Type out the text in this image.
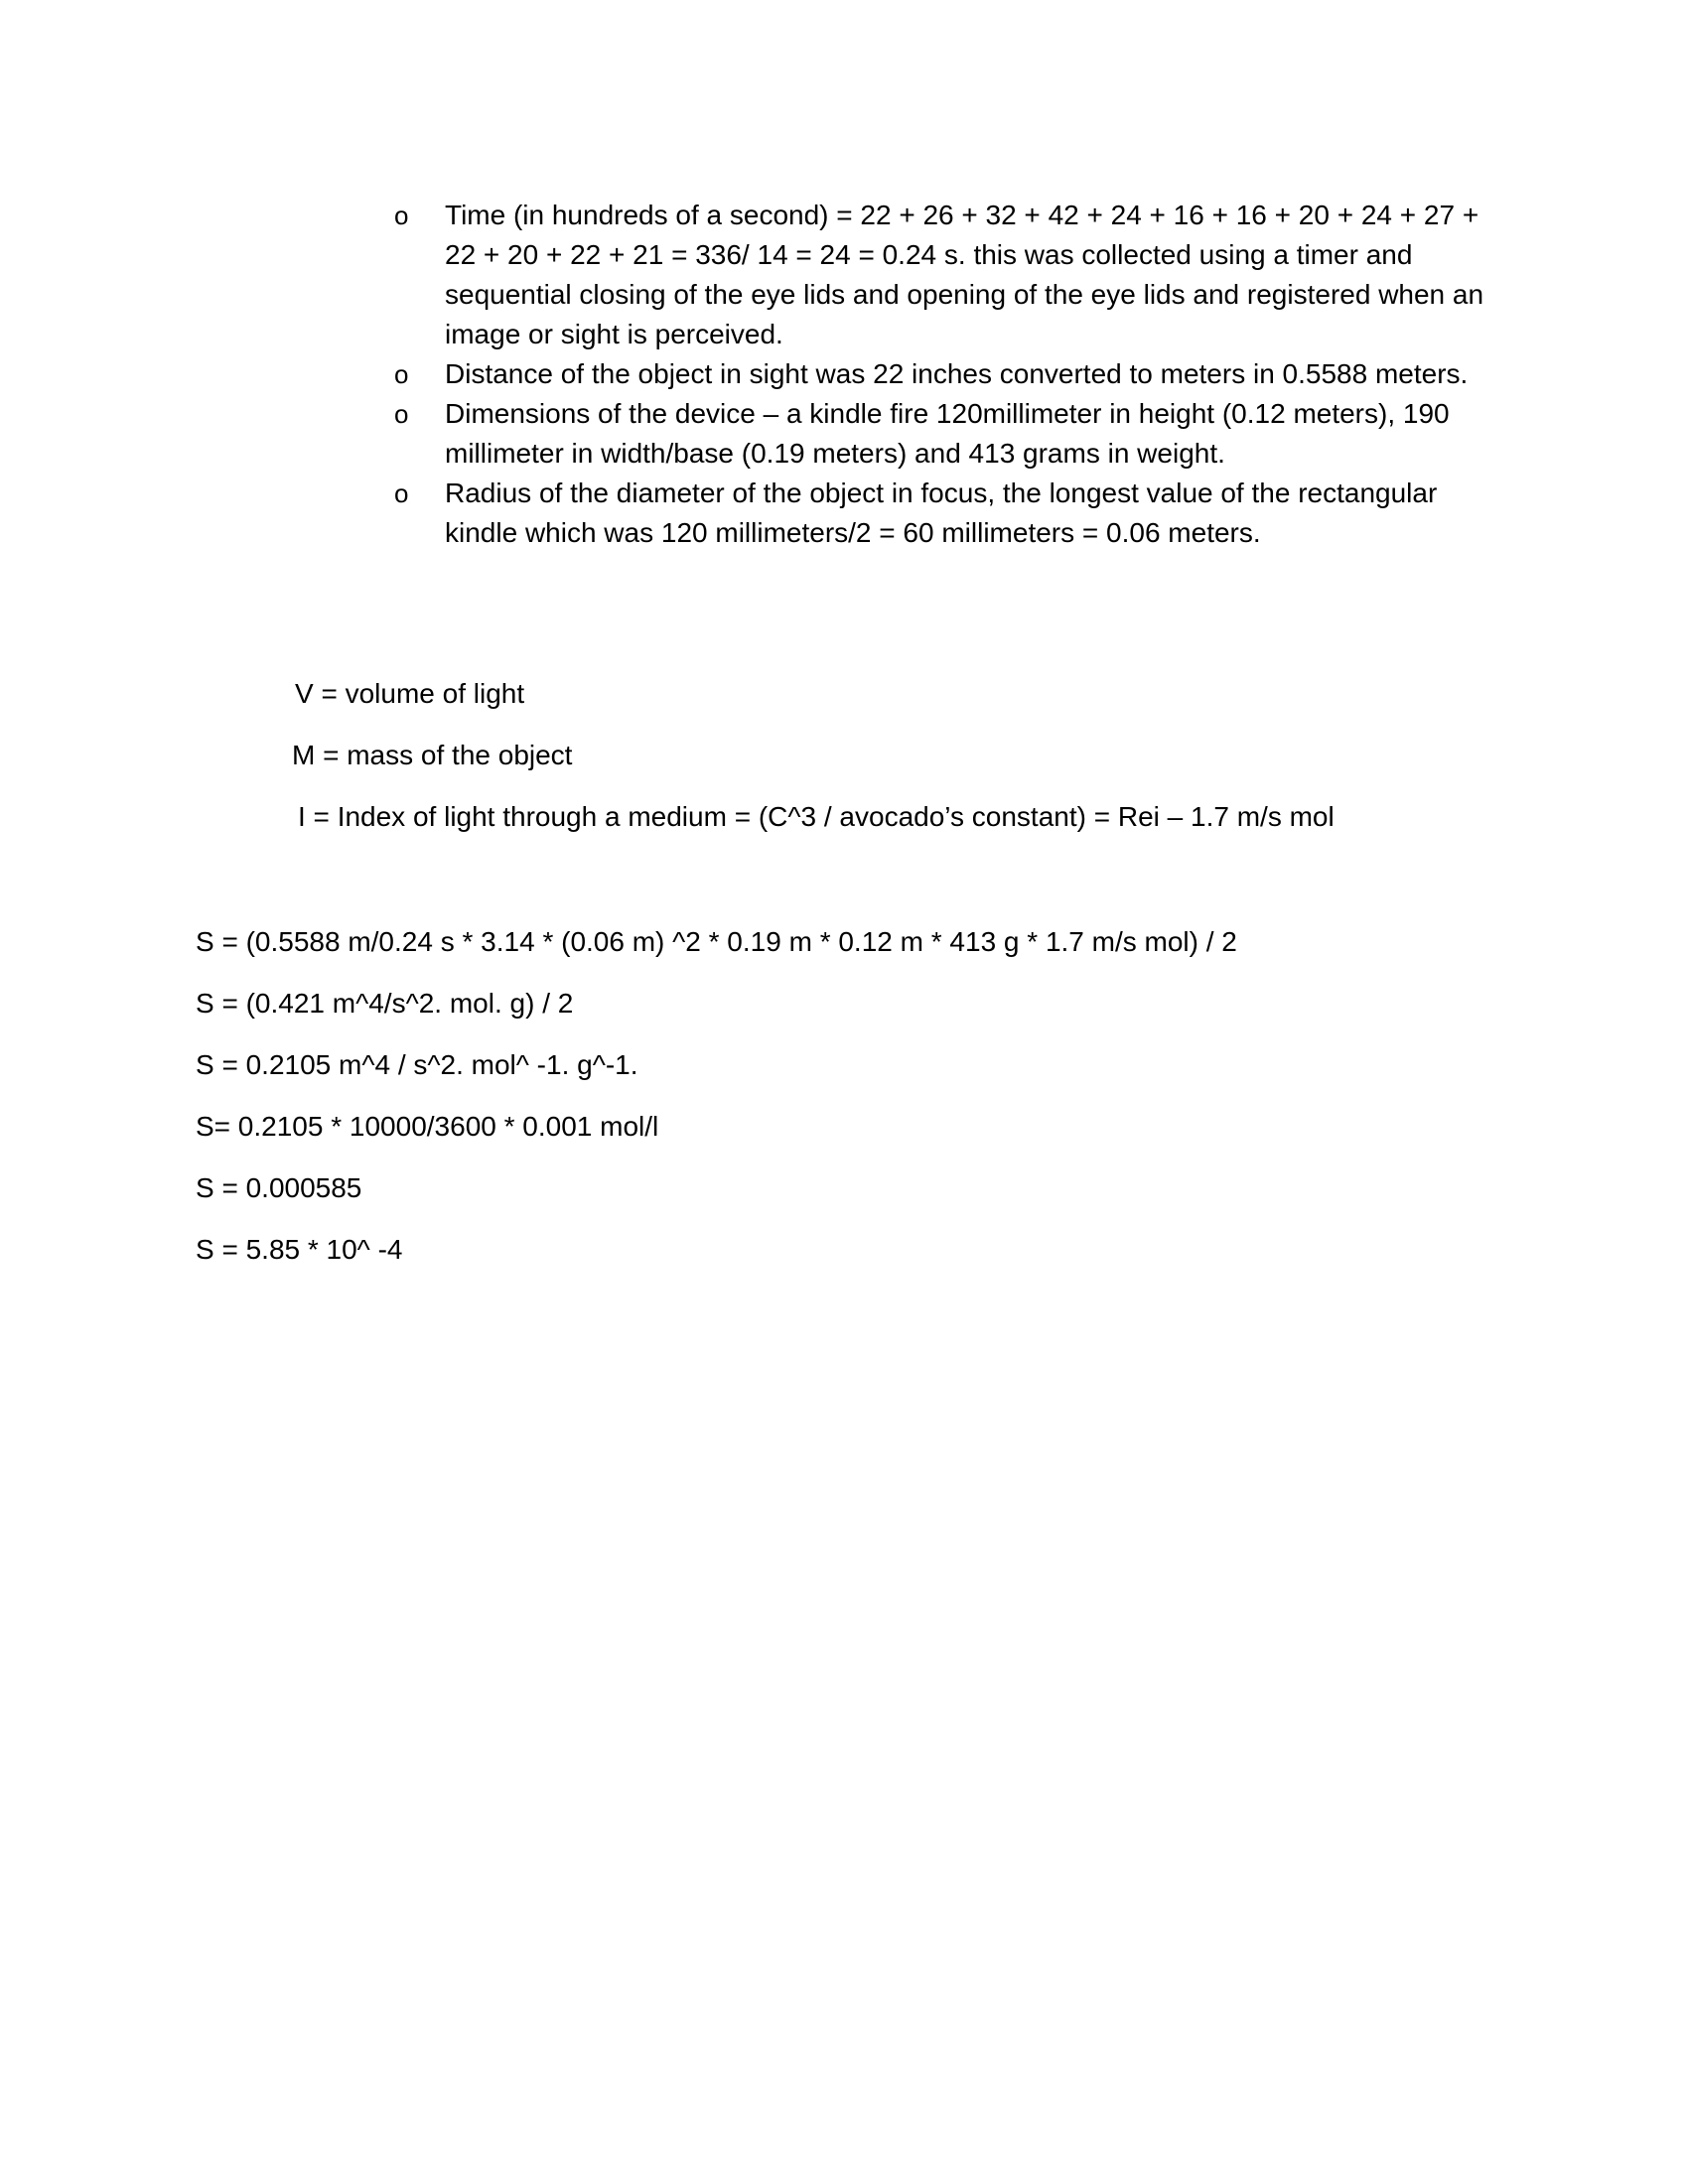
o Time (in hundreds of a second) = 22 + 26 + 32 + 42 + 24 + 16 + 16 + 20 + 24 + 27 + 22 + 20 + 22 + 21 = 336/ 14 = 24 = 0.24 s. this was collected using a timer and sequential closing of the eye lids and opening of the eye lids and registered when an image or sight is perceived.
o Distance of the object in sight was 22 inches converted to meters in 0.5588 meters.
o Dimensions of the device – a kindle fire 120millimeter in height (0.12 meters), 190 millimeter in width/base (0.19 meters) and 413 grams in weight.
o Radius of the diameter of the object in focus, the longest value of the rectangular kindle which was 120 millimeters/2 = 60 millimeters = 0.06 meters.
V = volume of light
M = mass of the object
I = Index of light through a medium = (C^3 / avocado’s constant) = Rei – 1.7 m/s mol
S = (0.5588 m/0.24 s * 3.14 * (0.06 m) ^2 * 0.19 m * 0.12 m * 413 g * 1.7 m/s mol) / 2
S = (0.421 m^4/s^2. mol. g) / 2
S = 0.2105 m^4 / s^2. mol^ -1. g^-1.
S= 0.2105 * 10000/3600 * 0.001 mol/l
S = 0.000585
S = 5.85 * 10^ -4
